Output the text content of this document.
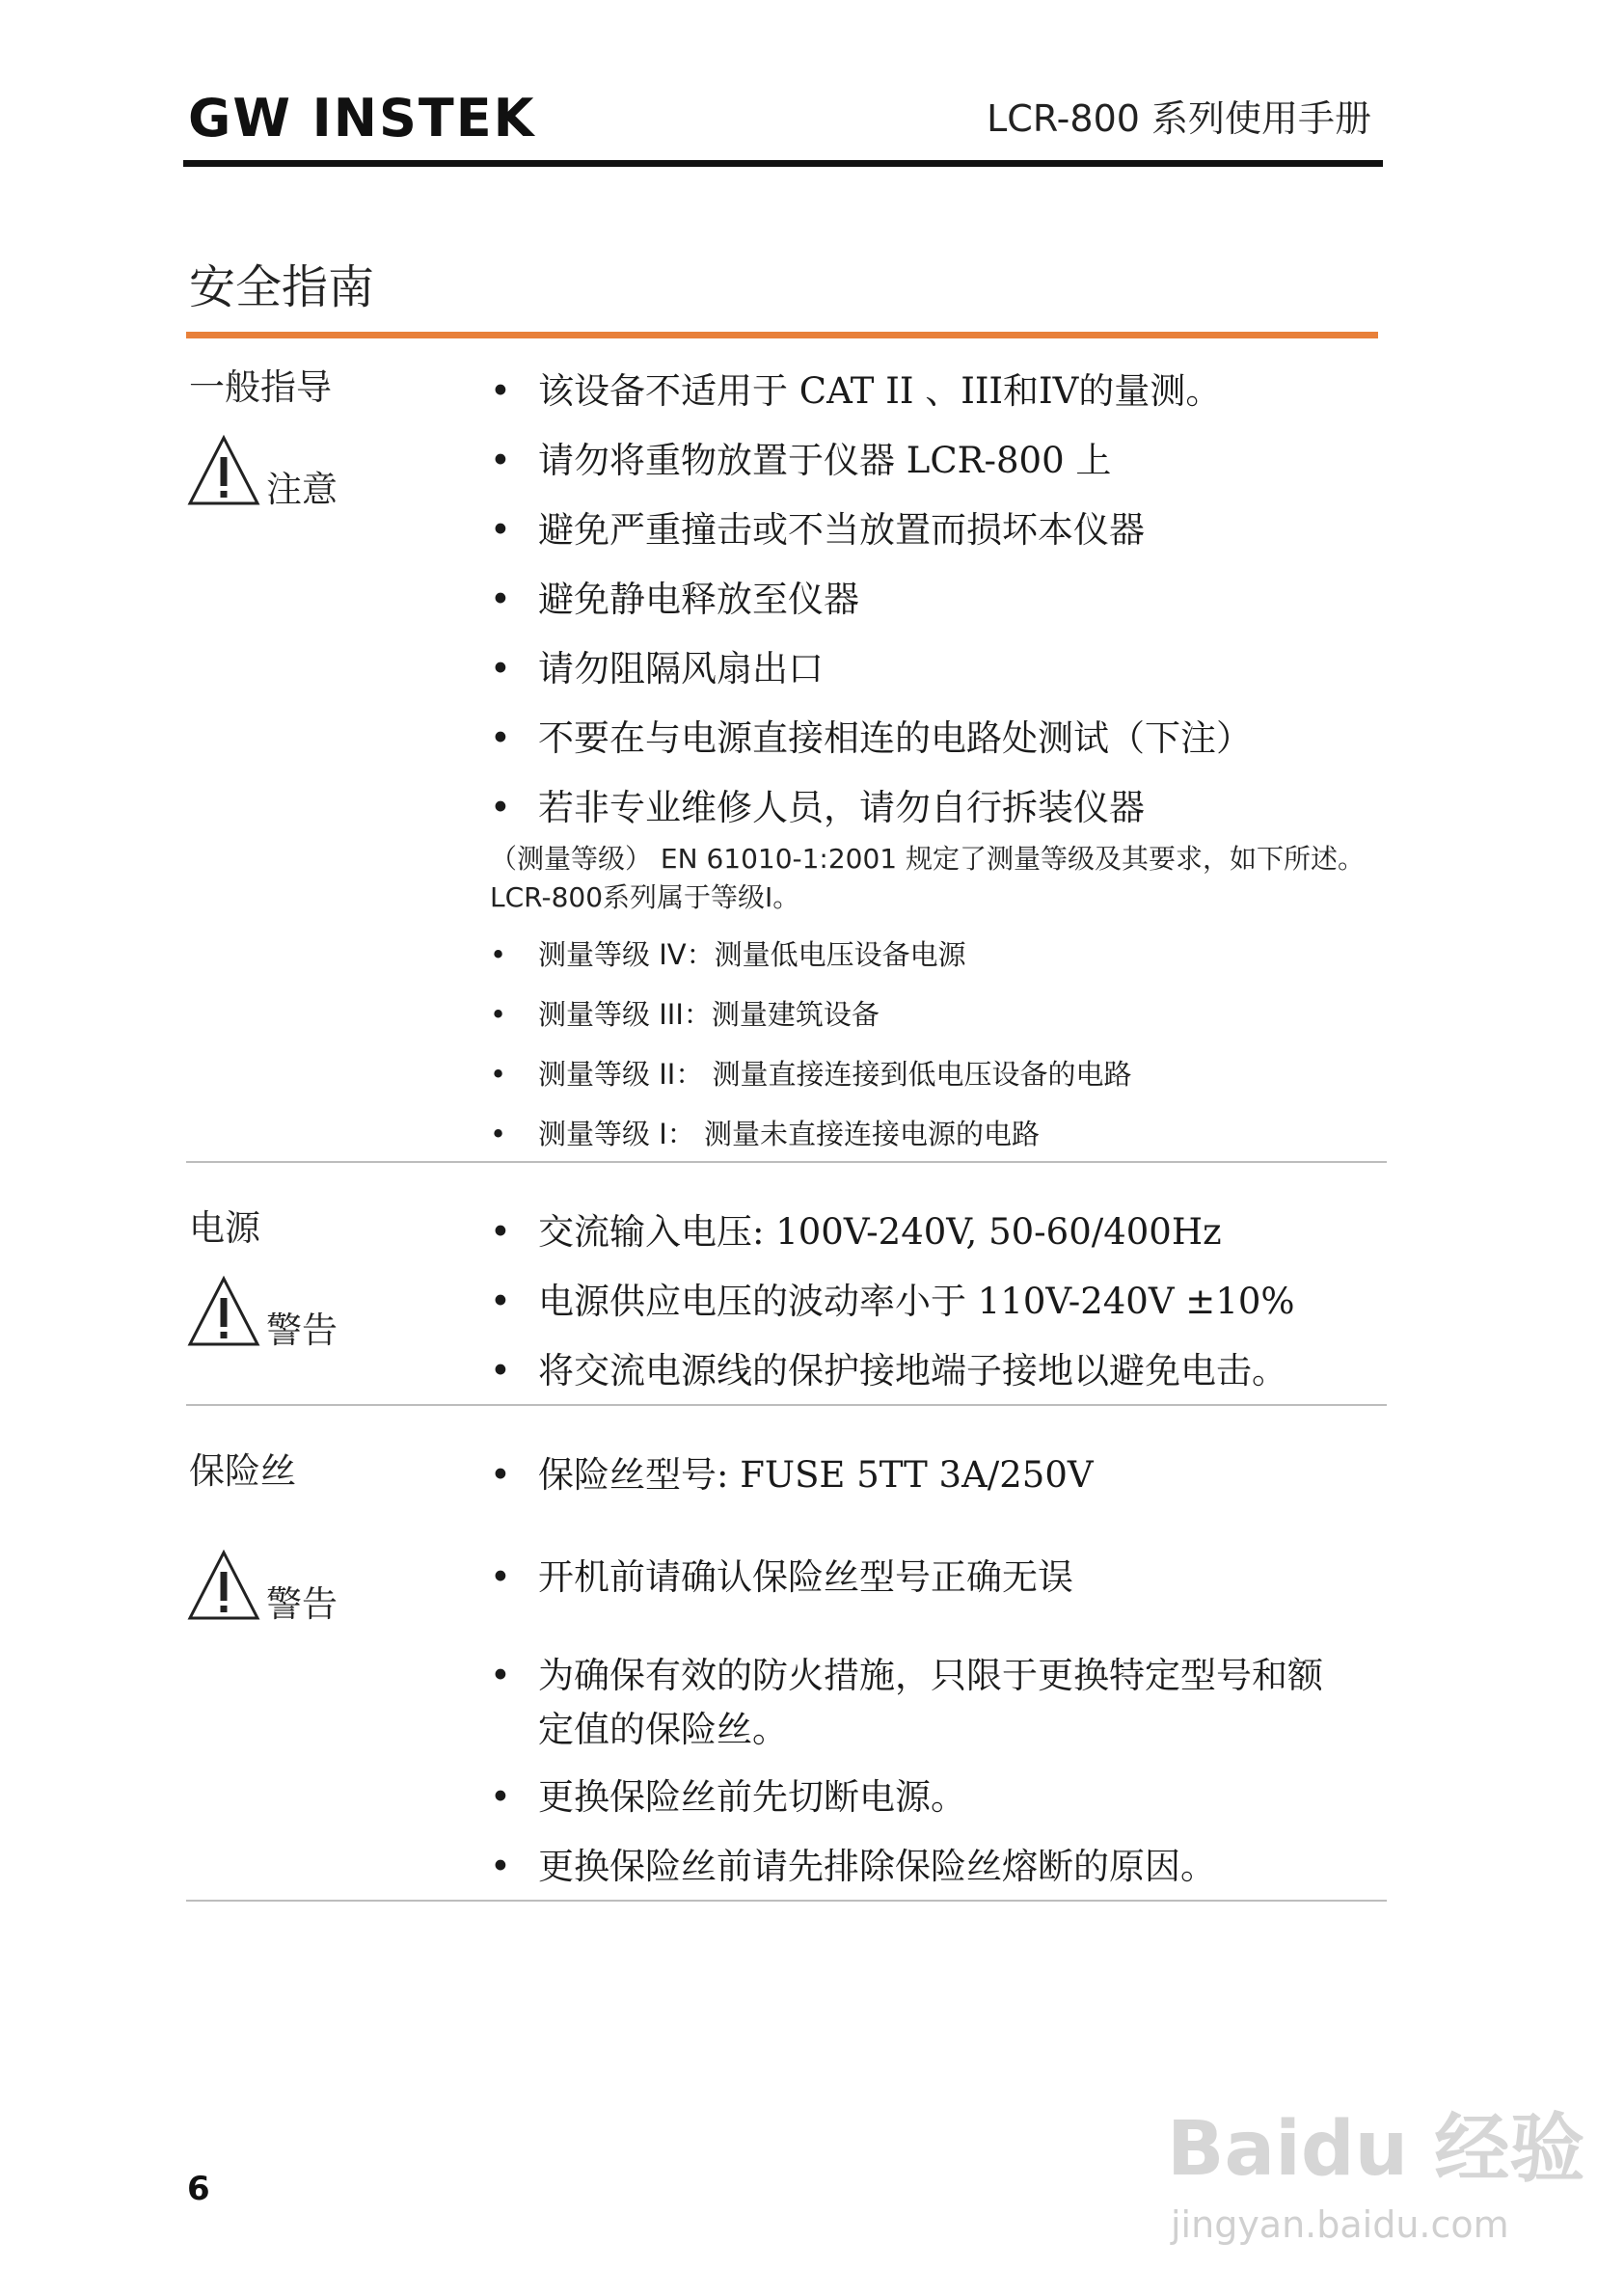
GW INSTEK	LCR-800 系列使用手册
安全指南
一般指导
注意
• 该设备不适用于 CAT II 、III和IV的量测。
• 请勿将重物放置于仪器 LCR-800 上
• 避免严重撞击或不当放置而损坏本仪器
• 避免静电释放至仪器
• 请勿阻隔风扇出口
• 不要在与电源直接相连的电路处测试（下注）
• 若非专业维修人员，请勿自行拆装仪器
（测量等级） EN 61010-1:2001 规定了测量等级及其要求，如下所述。
LCR-800系列属于等级I。
• 测量等级 IV：测量低电压设备电源
• 测量等级 III：测量建筑设备
• 测量等级 II： 测量直接连接到低电压设备的电路
• 测量等级 I： 测量未直接连接电源的电路
电源
警告
• 交流输入电压: 100V-240V, 50-60/400Hz
• 电源供应电压的波动率小于 110V-240V ±10%
• 将交流电源线的保护接地端子接地以避免电击。
保险丝
警告
• 保险丝型号: FUSE 5TT 3A/250V
• 开机前请确认保险丝型号正确无误
• 为确保有效的防火措施，只限于更换特定型号和额定值的保险丝。
• 更换保险丝前先切断电源。
• 更换保险丝前请先排除保险丝熔断的原因。
6	Baidu 经验
jingyan.baidu.com
